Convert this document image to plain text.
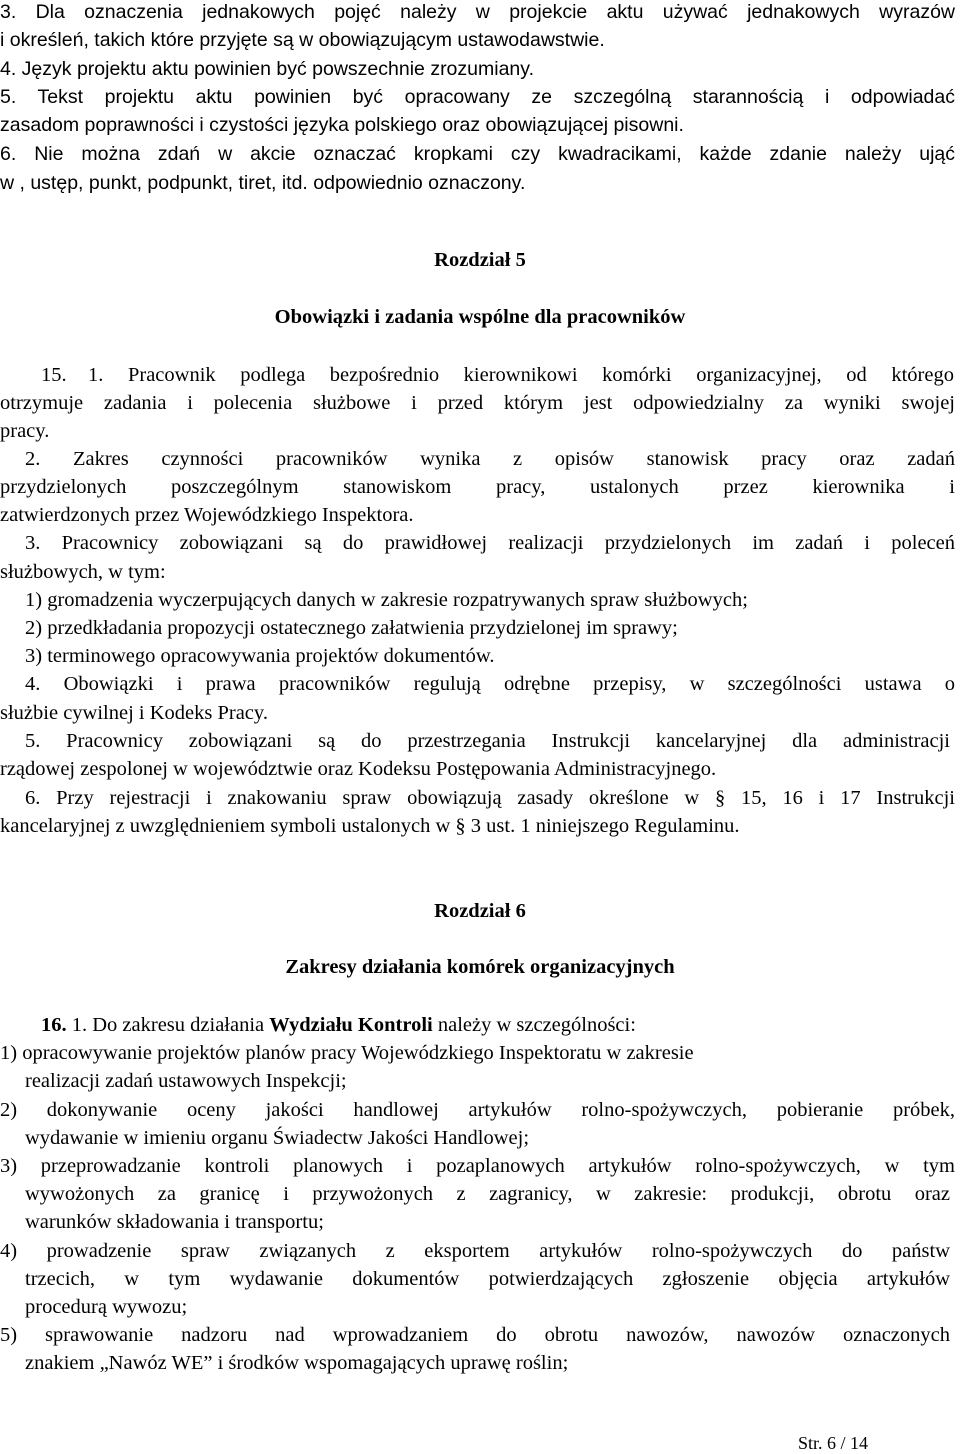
3. Dla oznaczenia jednakowych pojęć należy w projekcie aktu używać jednakowych wyrazów
i określeń, takich które przyjęte są w obowiązującym ustawodawstwie.
4. Język projektu aktu powinien być powszechnie zrozumiany.
5. Tekst projektu aktu powinien być opracowany ze szczególną starannością i odpowiadać
zasadom poprawności i czystości języka polskiego oraz obowiązującej pisowni.
6. Nie można zdań w akcie oznaczać kropkami czy kwadracikami, każde zdanie należy ująć
w , ustęp, punkt, podpunkt, tiret, itd. odpowiednio oznaczony.
Rozdział 5
Obowiązki i zadania wspólne dla pracowników
15. 1. Pracownik podlega bezpośrednio kierownikowi komórki organizacyjnej, od którego
otrzymuje zadania i polecenia służbowe i przed którym jest odpowiedzialny za wyniki swojej
pracy.
2. Zakres czynności pracowników wynika z opisów stanowisk pracy oraz zadań
przydzielonych poszczególnym stanowiskom pracy, ustalonych przez kierownika i
zatwierdzonych przez Wojewódzkiego Inspektora.
3. Pracownicy zobowiązani są do prawidłowej realizacji przydzielonych im zadań i poleceń
służbowych, w tym:
1) gromadzenia wyczerpujących danych w zakresie rozpatrywanych spraw służbowych;
2) przedkładania propozycji ostatecznego załatwienia przydzielonej im sprawy;
3) terminowego opracowywania projektów dokumentów.
4. Obowiązki i prawa pracowników regulują odrębne przepisy, w szczególności ustawa o
służbie cywilnej i Kodeks Pracy.
5. Pracownicy zobowiązani są do przestrzegania Instrukcji kancelaryjnej dla administracji
rządowej zespolonej w województwie oraz Kodeksu Postępowania Administracyjnego.
6. Przy rejestracji i znakowaniu spraw obowiązują zasady określone w § 15, 16 i 17 Instrukcji
kancelaryjnej z uwzględnieniem symboli ustalonych w § 3 ust. 1 niniejszego Regulaminu.
Rozdział 6
Zakresy działania komórek organizacyjnych
16. 1. Do zakresu działania Wydziału Kontroli należy w szczególności:
1) opracowywanie projektów planów pracy Wojewódzkiego Inspektoratu w zakresie
realizacji zadań ustawowych Inspekcji;
2) dokonywanie oceny jakości handlowej artykułów rolno-spożywczych, pobieranie próbek,
wydawanie w imieniu organu Świadectw Jakości Handlowej;
3) przeprowadzanie kontroli planowych i pozaplanowych artykułów rolno-spożywczych, w tym
wywożonych za granicę i przywożonych z zagranicy, w zakresie: produkcji, obrotu oraz
warunków składowania i transportu;
4) prowadzenie spraw związanych z eksportem artykułów rolno-spożywczych do państw
trzecich, w tym wydawanie dokumentów potwierdzających zgłoszenie objęcia artykułów
procedurą wywozu;
5) sprawowanie nadzoru nad wprowadzaniem do obrotu nawozów, nawozów oznaczonych
znakiem „Nawóz WE” i środków wspomagających uprawę roślin;
Str. 6 / 14
